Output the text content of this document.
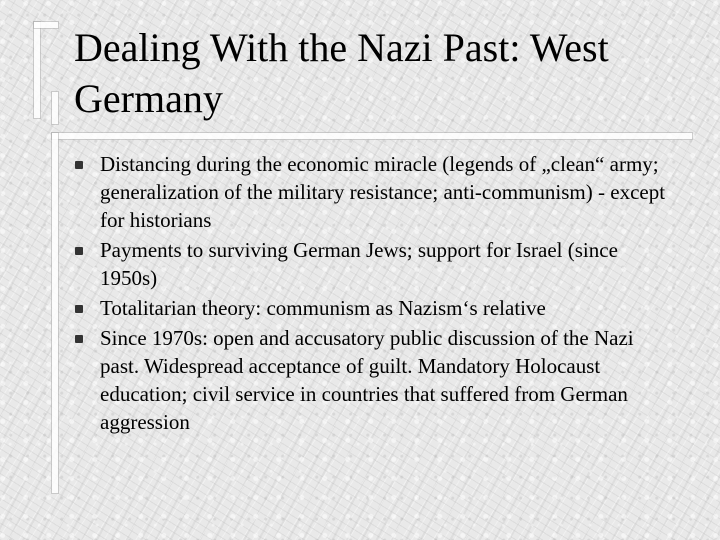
Dealing With the Nazi Past: West Germany
Distancing during the economic miracle (legends of „clean“ army; generalization of the military resistance; anti-communism) - except for historians
Payments to surviving German Jews; support for Israel (since 1950s)
Totalitarian theory: communism as Nazism‘s relative
Since 1970s: open and accusatory public discussion of the Nazi past. Widespread acceptance of guilt. Mandatory Holocaust education; civil service in countries that suffered from German aggression
